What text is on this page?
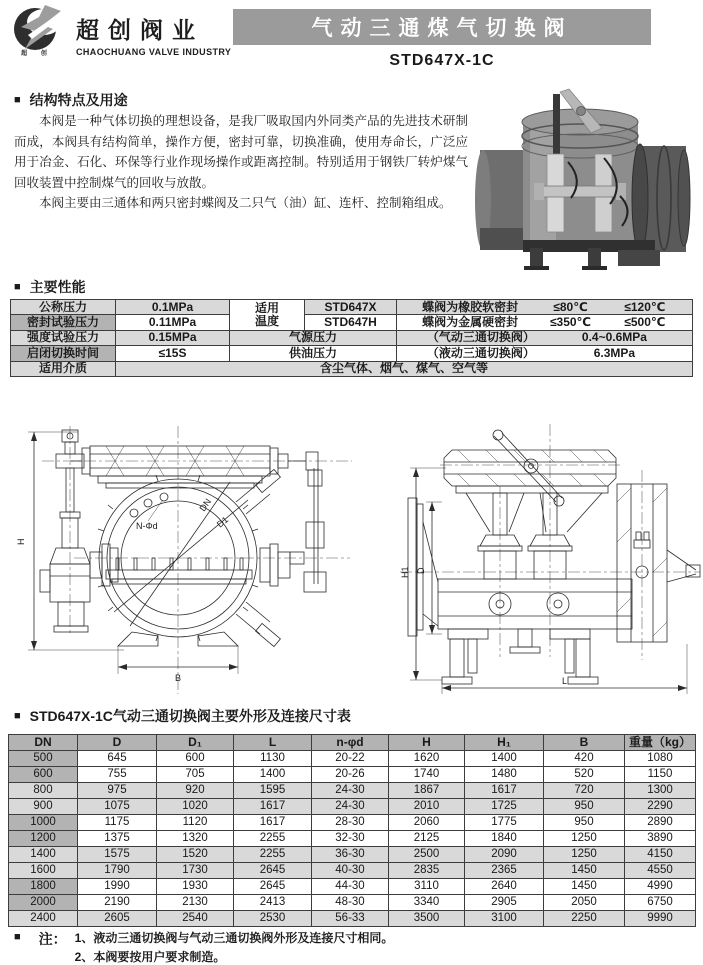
超 创
超创阀业
CHAOCHUANG VALVE INDUSTRY
气动三通煤气切换阀
STD647X-1C
■ 结构特点及用途

本阀是一种气体切换的理想设备，是我厂吸取国内外同类产品的先进技术研制而成，本阀具有结构简单，操作方便，密封可靠，切换准确，使用寿命长，广泛应用于冶金、石化、环保等行业作现场操作或距离控制。特别适用于钢铁厂转炉煤气回收装置中控制煤气的回收与放散。

本阀主要由三通体和两只密封蝶阀及二只气（油）缸、连杆、控制箱组成。

■ 主要性能
公称压力	0.1MPa	适用温度	STD647X	蝶阀为橡胶软密封 ≤80℃ ≤120℃

密封试验压力	0.11MPa		STD647H	蝶阀为金属硬密封 ≤350℃ ≤500℃

强度试验压力	0.15MPa	气源压力		（气动三通切换阀） 0.4~0.6MPa

启闭切换时间	≤15S	供油压力		（液动三通切换阀） 6.3MPa

适用介质	含尘气体、烟气、煤气、空气等			
N-Φd
DN
D1
H
B
H1 D
L
■ STD647X-1C气动三通切换阀主要外形及连接尺寸表
DN	D	D₁	L	n-φd	H	H₁	B	重量（kg）
500	645	600	1130	20-22	1620	1400	420	1080
600	755	705	1400	20-26	1740	1480	520	1150
800	975	920	1595	24-30	1867	1617	720	1300
900	1075	1020	1617	24-30	2010	1725	950	2290
1000	1175	1120	1617	28-30	2060	1775	950	2890
1200	1375	1320	2255	32-30	2125	1840	1250	3890
1400	1575	1520	2255	36-30	2500	2090	1250	4150
1600	1790	1730	2645	40-30	2835	2365	1450	4550
1800	1990	1930	2645	44-30	3110	2640	1450	4990
2000	2190	2130	2413	48-30	3340	2905	2050	6750
2400	2605	2540	2530	56-33	3500	3100	2250	9990
■ 注： 1、液动三通切换阀与气动三通切换阀外形及连接尺寸相同。
2、本阀要按用户要求制造。
